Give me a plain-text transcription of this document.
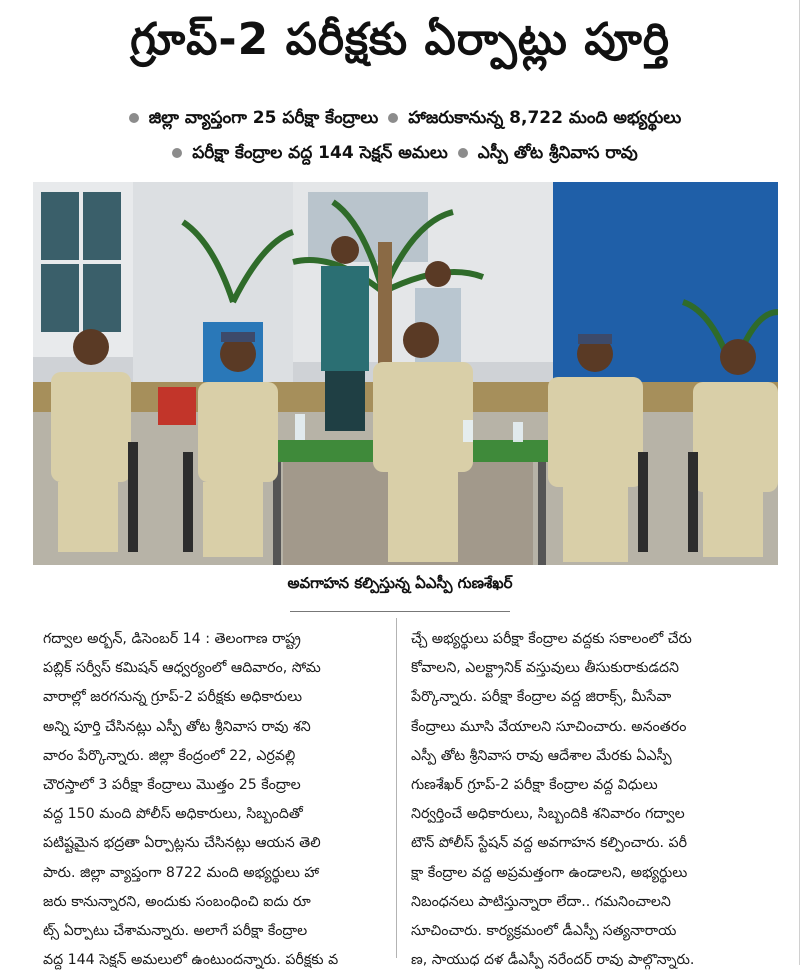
గ్రూప్-2 పరీక్షకు ఏర్పాట్లు పూర్తి
జిల్లా వ్యాప్తంగా 25 పరీక్షా కేంద్రాలు హాజరుకానున్న 8,722 మంది అభ్యర్థులు
పరీక్షా కేంద్రాల వద్ద 144 సెక్షన్ అమలు ఎస్పీ తోట శ్రీనివాస రావు
అవగాహన కల్పిస్తున్న ఏఎస్పీ గుణశేఖర్
గద్వాల అర్బన్, డిసెంబర్ 14 : తెలంగాణ రాష్ట్ర
పబ్లిక్ సర్వీస్ కమిషన్ ఆధ్వర్యంలో ఆదివారం, సోమ
వారాల్లో జరగనున్న గ్రూప్-2 పరీక్షకు అధికారులు
అన్ని పూర్తి చేసినట్లు ఎస్పీ తోట శ్రీనివాస రావు శని
వారం పేర్కొన్నారు. జిల్లా కేంద్రంలో 22, ఎర్రవల్లి
చౌరస్తాలో 3 పరీక్షా కేంద్రాలు మొత్తం 25 కేంద్రాల
వద్ద 150 మంది పోలీస్ అధికారులు, సిబ్బందితో
పటిష్టమైన భద్రతా ఏర్పాట్లను చేసినట్లు ఆయన తెలి
పారు. జిల్లా వ్యాప్తంగా 8722 మంది అభ్యర్థులు హా
జరు కానున్నారని, అందుకు సంబంధించి ఐదు రూ
ట్స్ ఏర్పాటు చేశామన్నారు. అలాగే పరీక్షా కేంద్రాల
వద్ద 144 సెక్షన్ అమలులో ఉంటుందన్నారు. పరీక్షకు వ
చ్చే అభ్యర్థులు పరీక్షా కేంద్రాల వద్దకు సకాలంలో చేరు
కోవాలని, ఎలక్ట్రానిక్ వస్తువులు తీసుకురాకుడదని
పేర్కొన్నారు. పరీక్షా కేంద్రాల వద్ద జిరాక్స్, మీసేవా
కేంద్రాలు మూసి వేయాలని సూచించారు. అనంతరం
ఎస్పీ తోట శ్రీనివాస రావు ఆదేశాల మేరకు ఏఎస్పీ
గుణశేఖర్ గ్రూప్-2 పరీక్షా కేంద్రాల వద్ద విధులు
నిర్వర్తించే అధికారులు, సిబ్బందికి శనివారం గద్వాల
టౌన్ పోలీస్ స్టేషన్ వద్ద అవగాహన కల్పించారు. పరీ
క్షా కేంద్రాల వద్ద అప్రమత్తంగా ఉండాలని, అభ్యర్థులు
నిబంధనలు పాటిస్తున్నారా లేదా.. గమనించాలని
సూచించారు. కార్యక్రమంలో డీఎస్పీ సత్యనారాయ
ణ, సాయుధ దళ డీఎస్పీ నరేందర్ రావు పాల్గొన్నారు.
